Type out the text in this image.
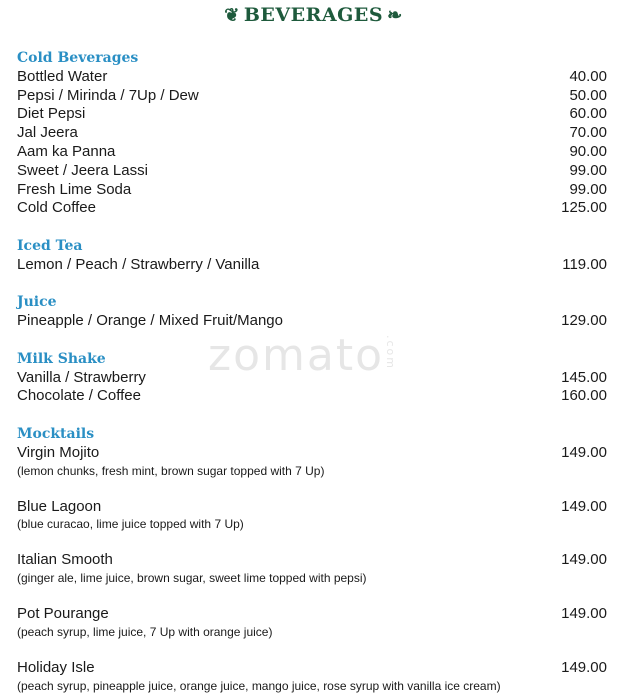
zomato.com
❦ BEVERAGES ❧
Cold Beverages
Bottled Water	40.00
Pepsi / Mirinda / 7Up / Dew	50.00
Diet Pepsi	60.00
Jal Jeera	70.00
Aam ka Panna	90.00
Sweet / Jeera Lassi	99.00
Fresh Lime Soda	99.00
Cold Coffee	125.00
Iced Tea
Lemon / Peach / Strawberry / Vanilla	119.00
Juice
Pineapple / Orange / Mixed Fruit/Mango	129.00
Milk Shake
Vanilla / Strawberry	145.00
Chocolate / Coffee	160.00
Mocktails
Virgin Mojito	149.00
(lemon chunks, fresh mint, brown sugar topped with 7 Up)
Blue Lagoon	149.00
(blue curacao, lime juice topped with 7 Up)
Italian Smooth	149.00
(ginger ale, lime juice, brown sugar, sweet lime topped with pepsi)
Pot Pourange	149.00
(peach syrup, lime juice, 7 Up with orange juice)
Holiday Isle	149.00
(peach syrup, pineapple juice, orange juice, mango juice, rose syrup with vanilla ice cream)
